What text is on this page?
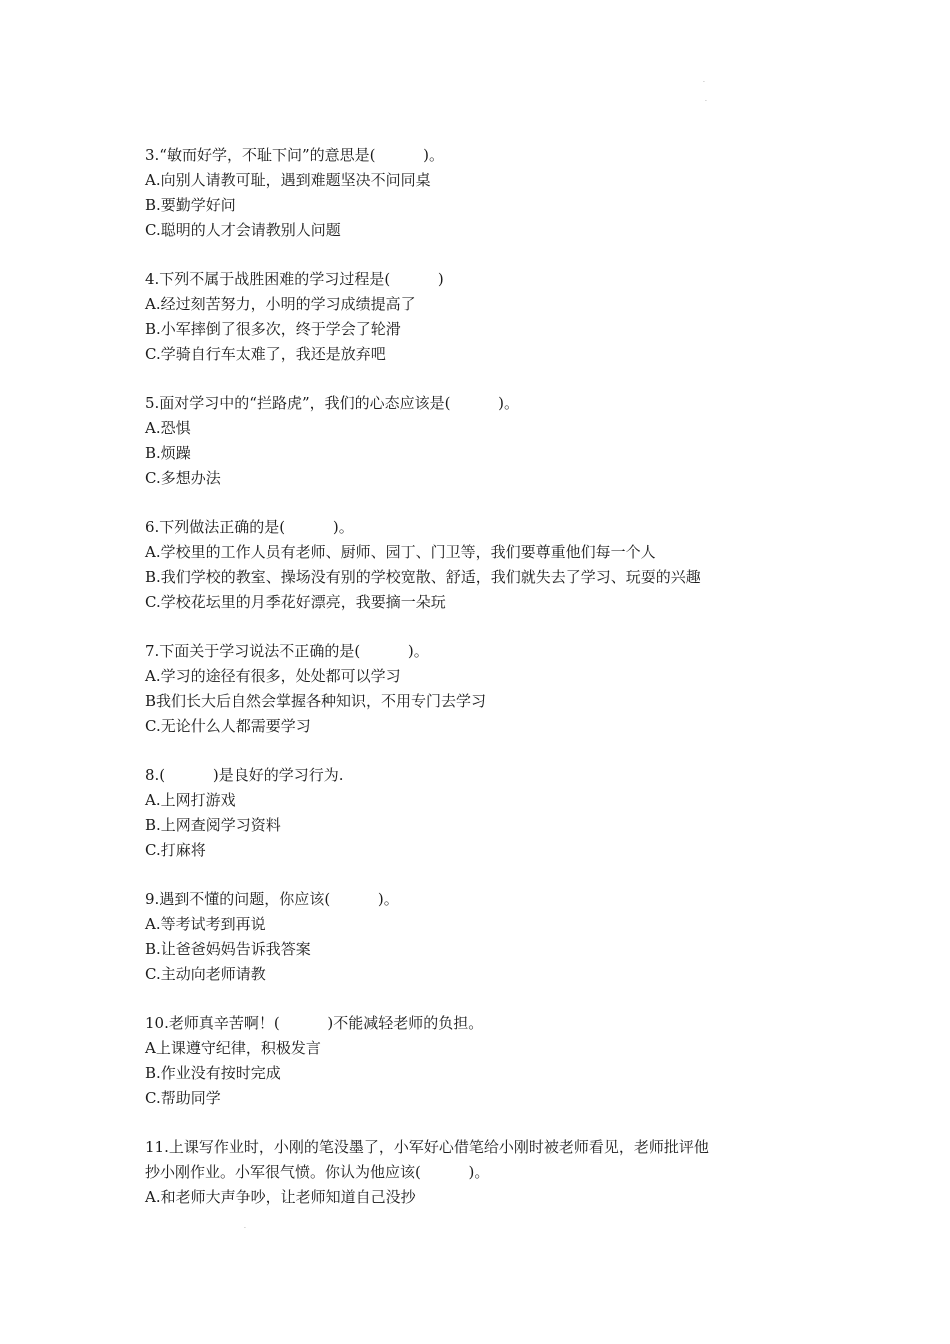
·
·
·

3.“敏而好学，不耻下问”的意思是(          )。

A.向别人请教可耻，遇到难题坚决不问同桌

B.要勤学好问

C.聪明的人才会请教别人问题

4.下列不属于战胜困难的学习过程是(          )

A.经过刻苦努力，小明的学习成绩提高了

B.小军摔倒了很多次，终于学会了轮滑

C.学骑自行车太难了，我还是放弃吧

5.面对学习中的“拦路虎”，我们的心态应该是(          )。

A.恐惧

B.烦躁

C.多想办法

6.下列做法正确的是(          )。

A.学校里的工作人员有老师、厨师、园丁、门卫等，我们要尊重他们每一个人

B.我们学校的教室、操场没有别的学校宽散、舒适，我们就失去了学习、玩耍的兴趣

C.学校花坛里的月季花好漂亮，我要摘一朵玩

7.下面关于学习说法不正确的是(          )。

A.学习的途径有很多，处处都可以学习

B我们长大后自然会掌握各种知识，不用专门去学习

C.无论什么人都需要学习

8.(          )是良好的学习行为.

A.上网打游戏

B.上网查阅学习资料

C.打麻将

9.遇到不懂的问题，你应该(          )。

A.等考试考到再说

B.让爸爸妈妈告诉我答案

C.主动向老师请教

10.老师真辛苦啊！(          )不能减轻老师的负担。

A上课遵守纪律，积极发言

B.作业没有按时完成

C.帮助同学

11.上课写作业时，小刚的笔没墨了，小军好心借笔给小刚时被老师看见，老师批评他

抄小刚作业。小军很气愤。你认为他应该(          )。

A.和老师大声争吵，让老师知道自己没抄
